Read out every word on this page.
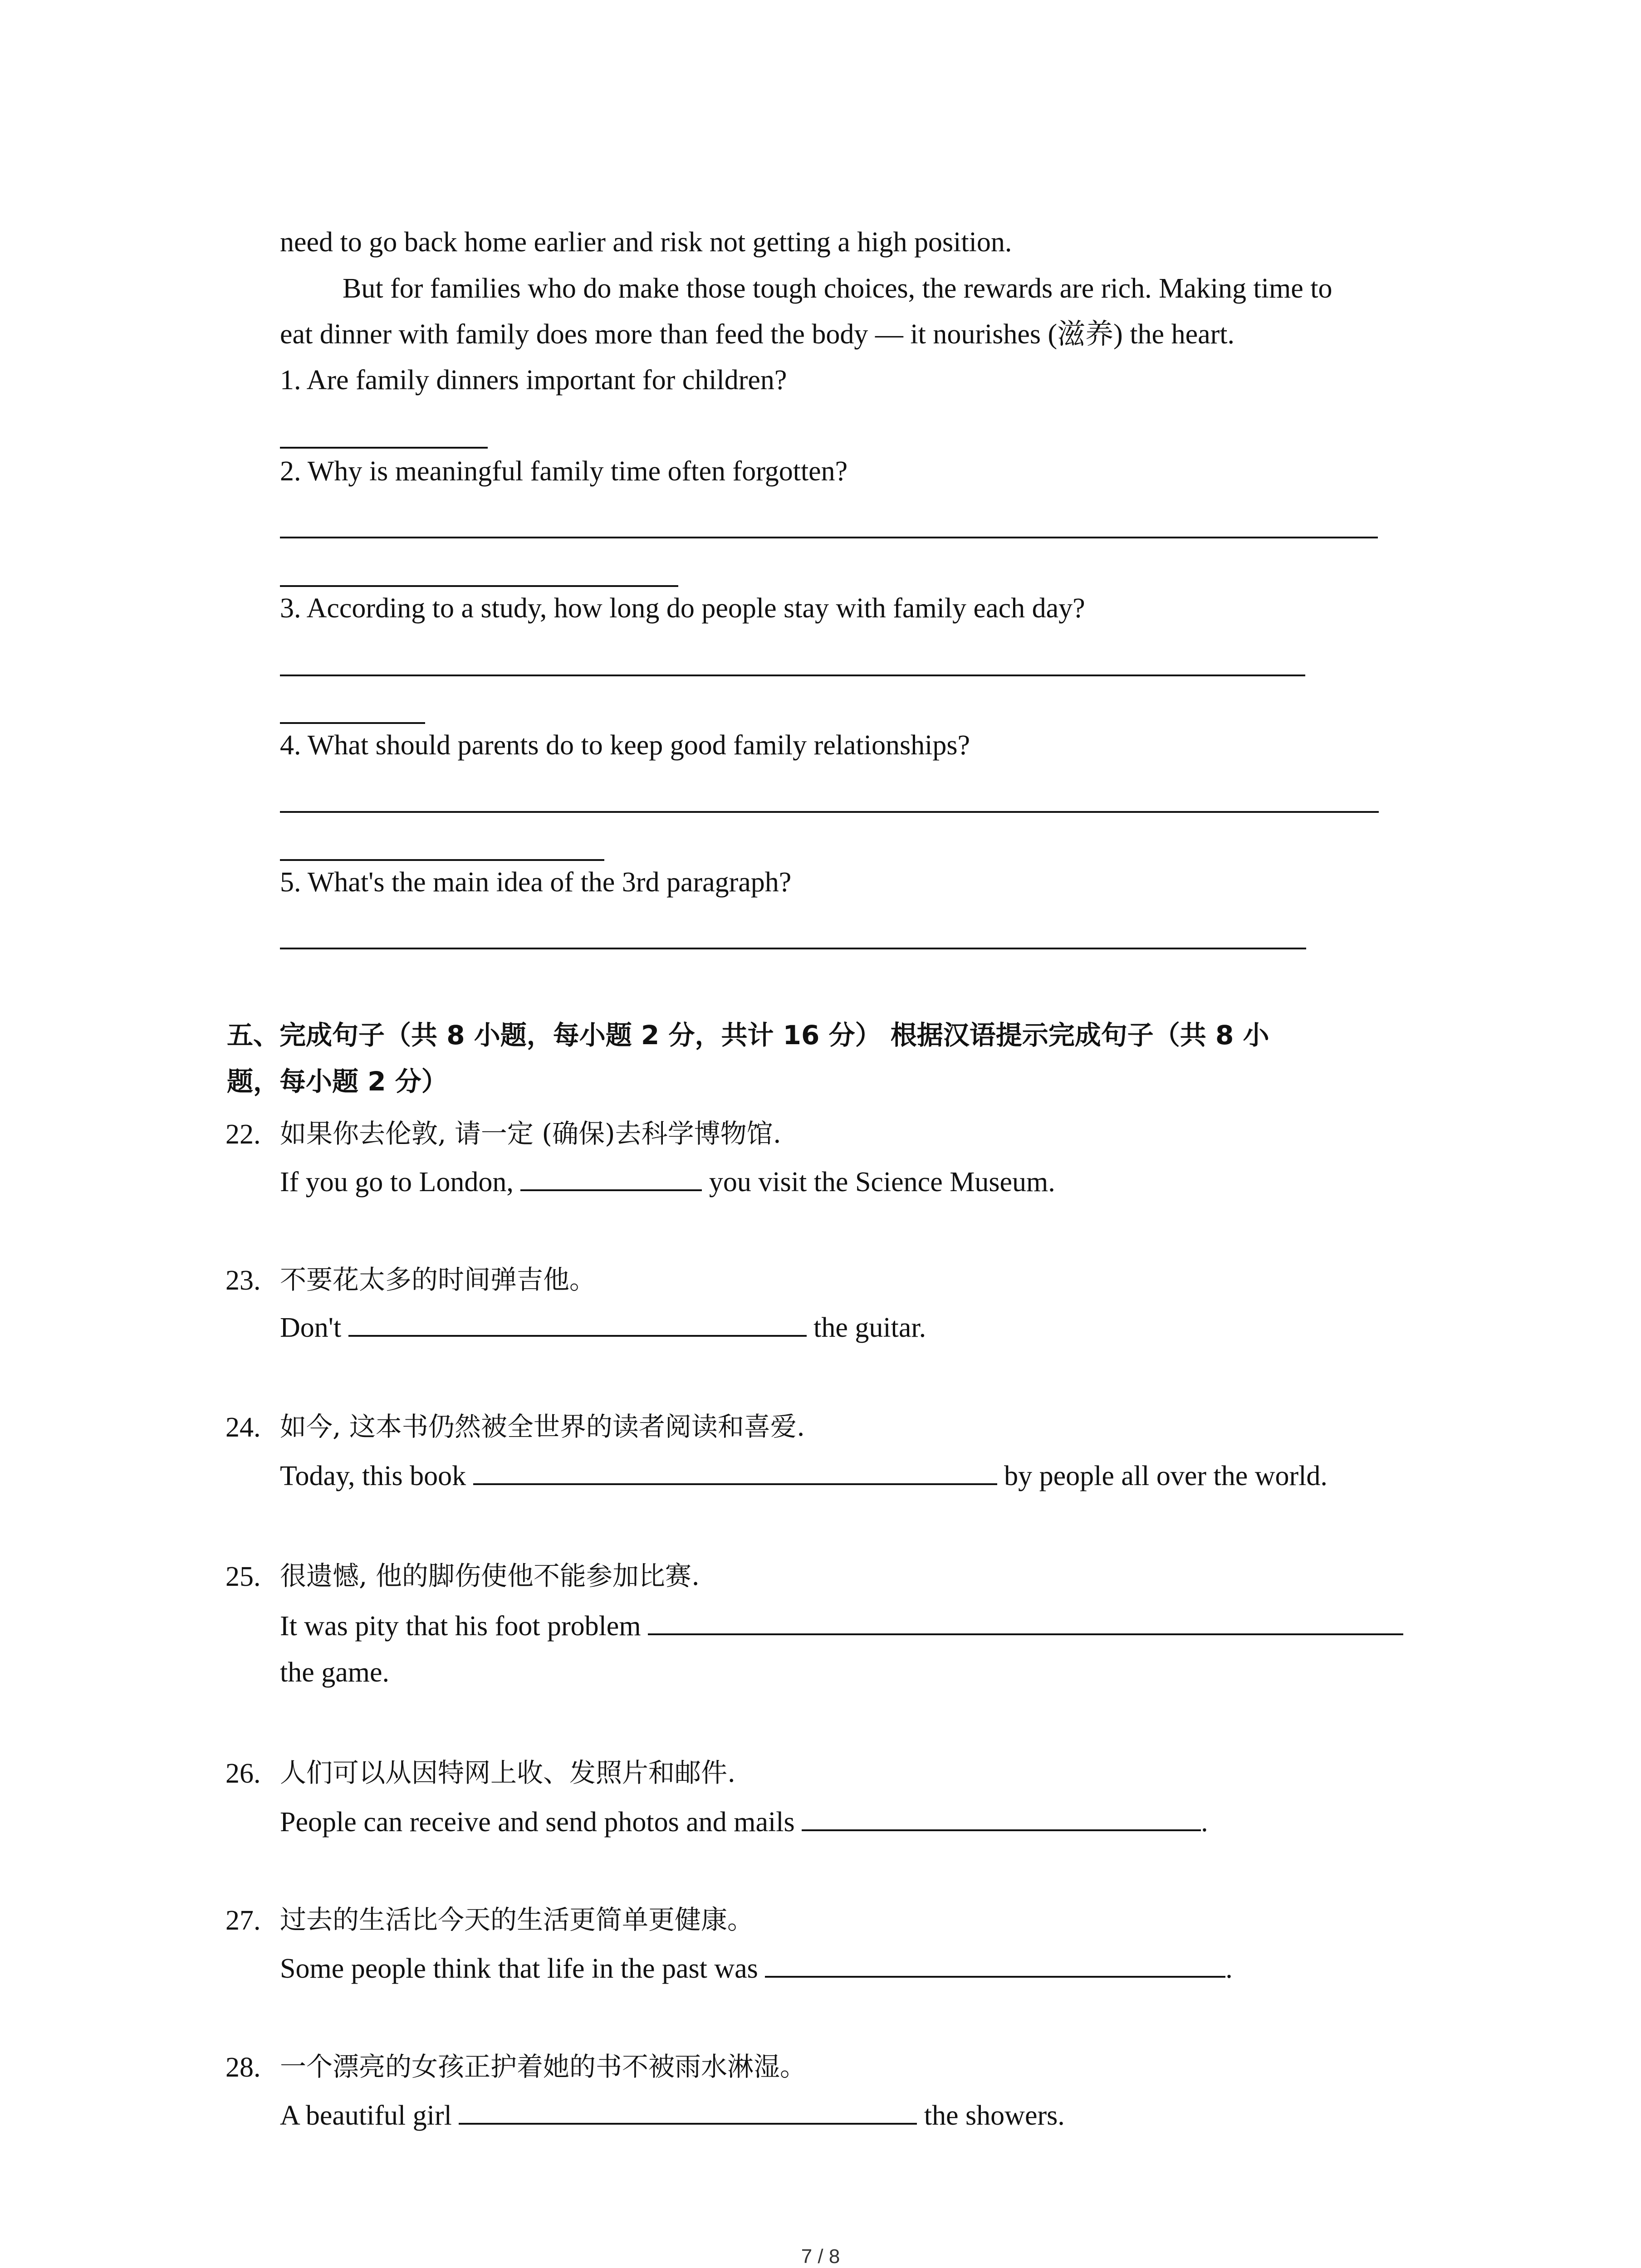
need to go back home earlier and risk not getting a high position.
But for families who do make those tough choices, the rewards are rich. Making time to
eat dinner with family does more than feed the body — it nourishes (滋养) the heart.
1. Are family dinners important for children?
2. Why is meaningful family time often forgotten?
3. According to a study, how long do people stay with family each day?
4. What should parents do to keep good family relationships?
5. What's the main idea of the 3rd paragraph?
五、完成句子（共 8 小题，每小题 2 分，共计 16 分） 根据汉语提示完成句子（共 8 小
题，每小题 2 分）
22. 如果你去伦敦, 请一定 (确保)去科学博物馆.
If you go to London,	you visit the Science Museum.
23. 不要花太多的时间弹吉他。
Don't	the guitar.
24. 如今, 这本书仍然被全世界的读者阅读和喜爱.
Today, this book	by people all over the world.
25. 很遗憾, 他的脚伤使他不能参加比赛.
It was pity that his foot problem
the game.
26. 人们可以从因特网上收、发照片和邮件.
People can receive and send photos and mails	.
27. 过去的生活比今天的生活更简单更健康。
Some people think that life in the past was	.
28. 一个漂亮的女孩正护着她的书不被雨水淋湿。
A beautiful girl	the showers.
7 / 8
